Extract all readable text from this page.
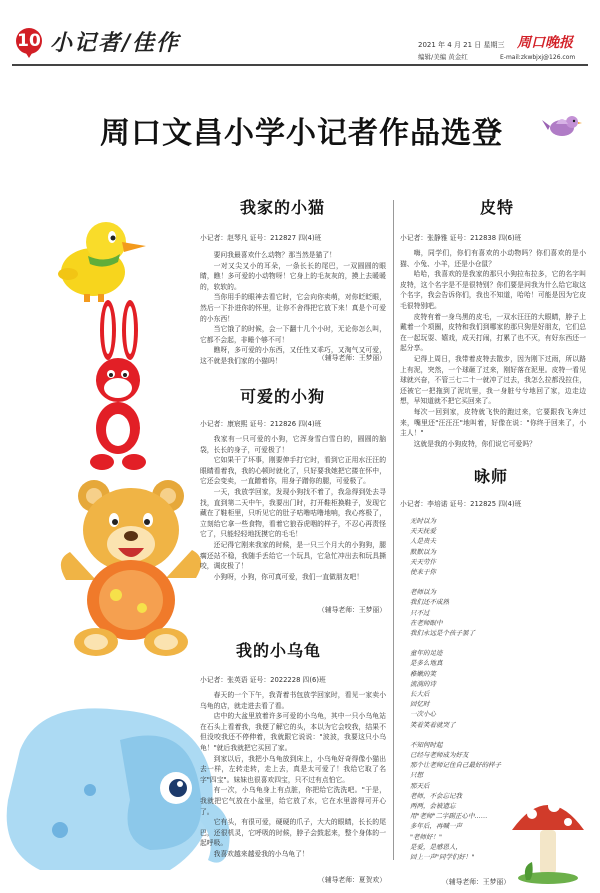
10 小记者/佳作	2021 年 4 月 21 日 星期三
编辑/美编 黄金红
周口晚报
E-mail:zkwbjxj@126.com
周口文昌小学小记者作品选登
我家的小猫
小记者：赵琴凡 证号：212827 四(4)班

要问我最喜欢什么动物？那当然是猫了！

一对又尖又小的耳朵，一条长长的尾巴，一双圆圆的眼睛，瞧！多可爱的小动物呀！它身上的毛灰灰的，摸上去暖暖的，软软的。

当你用手的眼神去看它时，它会向你卖萌，对你眨眨眼，然后一下扑进你的怀里，让你不舍得把它放下来！真是个可爱的小东西！

当它饿了的时候，会一下翻十几个小时，无论你怎么叫，它都不会起，非睡个够不可！

瞧呀，多可爱的小东西，又任性又乖巧，又淘气又可爱，这不就是我们家的小猫吗！	（辅导老师：王梦丽）
可爱的小狗
小记者：康宸熙 证号：212826 四(4)班

我家有一只可爱的小狗，它浑身雪白雪白的，圆圆的脑袋，长长的身子，可爱极了！

它如果干了坏事，刚要伸手打它时，看到它正用水汪汪的眼睛看着我，我的心顿时就化了，只好要我她把它搂在怀中，它还会变卖，一直蹭着你，用身子蹭你的腿，可爱极了。

一天，我放学回家，发现小狗找不着了，我急得到处去寻找，直到第二天中午，我要出门时，打开鞋柜换鞋子，发现它藏在了鞋柜里，只听见它的肚子咕噜咕噜地响，我心疼极了，立刻给它拿一些食物，看着它狼吞虎咽的样子，不忍心再责怪它了，只能轻轻地抚摸它的毛毛！

还记得它刚来我家的时候，是一只三个月大的小狗狗，腿瘸还站不稳，我随手丢给它一个玩具，它急忙冲出去和玩具撕咬，调皮极了！

小狗呀，小狗，你可真可爱，我们一直做朋友吧！

（辅导老师：王梦丽）
我的小乌龟
小记者：张英语 证号：2022228 四(6)班

春天的一个下午，我背着书包放学回家时，看见一家卖小乌龟的店，就走进去看了看。

店中的大盆里放着许多可爱的小乌龟，其中一只小乌龟站在石头上看着我，我便了解它的头，本以为它会咬我，结果不但没咬我还不停伸着，我就跟它说说："波波，我要这只小乌龟！"就后我就把它买回了家。

到家以后，我把小乌龟放到床上，小乌龟好奇得像小猫出去一样，左转走转，走上去，真是太可爱了！我给它取了名字"四宝"。妹妹也很喜欢四宝，只不过有点怕它。

有一次，小乌龟身上有点脏，你把给它洗洗吧。"于是，我就把它气放在小盆里，给它放了水，它在水里游得可开心了。

它有头，有很可爱，硬硬的爪子，大大的眼睛，长长的尾巴，还很机灵，它呼吸的时候，脖子会鼓起来，整个身体的一起呼吸。

我喜欢越来越爱我的小乌龟了！

（辅导老师：夏贺欢）
皮特
小记者：张静雅 证号：212838 四(6)班

嗨，同学们，你们有喜欢的小动物吗？你们喜欢的是小猫、小兔、小羊，还是小仓鼠？

哈哈，我喜欢的是我家的那只小狗拉布拉多，它的名字叫皮特，这个名字是不是很特别？你们要是问我为什么给它取这个名字，我会告诉你们，我也不知道，哈哈！可能是因为它皮毛很特别吧。

皮特有着一身乌黑的皮毛，一双水汪汪的大眼睛，脖子上戴着一个项圈，皮特和我们到哪家的那只狗是好朋友，它们总在一起玩耍、嬉戏，成天打闹，打累了也不灭，有好东西还一起分享。

记得上周日，我带着皮特去散步，因为刚下过雨，所以路上有泥，突然，一个球砸了过来，刚好落在泥里。皮特一看见球就兴奋，不管三七二十一就冲了过去，我怎么拉都没拉住，还被它一把拖到了泥坑里，我一身脏兮兮地回了家，边走边想，早知道就不把它买回来了。

每次一回到家，皮特就飞快的跑过来，它要跟我飞奔过来，嘴里还"汪汪汪"地叫着，好像在说："你终于回来了，小主人！"

这就是我的小狗皮特，你们说它可爱吗？

咏师
小记者：李培诺 证号：212825 四(4)班
无时以为
天天抚爱
人是贵夫
默默以为
天天劳作
使来于你
老师以为
我们还不成熟
只不过
在老师眼中
我们永远是个孩子罢了
童年的足迹
是多么地真
稚嫩的笑
流淌的诗
长大后
回忆时
一次小心
笑着笑着就哭了
不知何时起
已经与老师成为好友
那个让老师记住自己最好的样子
只想
那天后
老师，不会忘记我
两两，会被遗忘
用"老师"二字副正心中……
多年后，再喊一声
"老师好！"
是爱，是感恩人，
回上一声"同学们好！"
（辅导老师：王梦丽）
